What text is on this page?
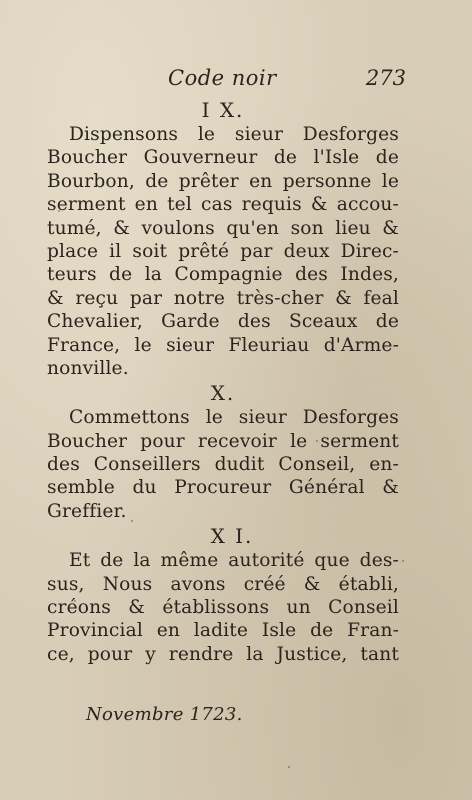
Code noir	273
I X.
Dispensons le sieur Desforges
Boucher Gouverneur de l'Isle de
Bourbon, de prêter en personne le
serment en tel cas requis & accou-
tumé, & voulons qu'en son lieu &
place il soit prêté par deux Direc-
teurs de la Compagnie des Indes,
& reçu par notre très-cher & feal
Chevalier, Garde des Sceaux de
France, le sieur Fleuriau d'Arme-
nonville.
X.
Commettons le sieur Desforges
Boucher pour recevoir le serment
des Conseillers dudit Conseil, en-
semble du Procureur Général &
Greffier.
X I.
Et de la même autorité que des-
sus, Nous avons créé & établi,
créons & établissons un Conseil
Provincial en ladite Isle de Fran-
ce, pour y rendre la Justice, tant
Novembre 1723.
